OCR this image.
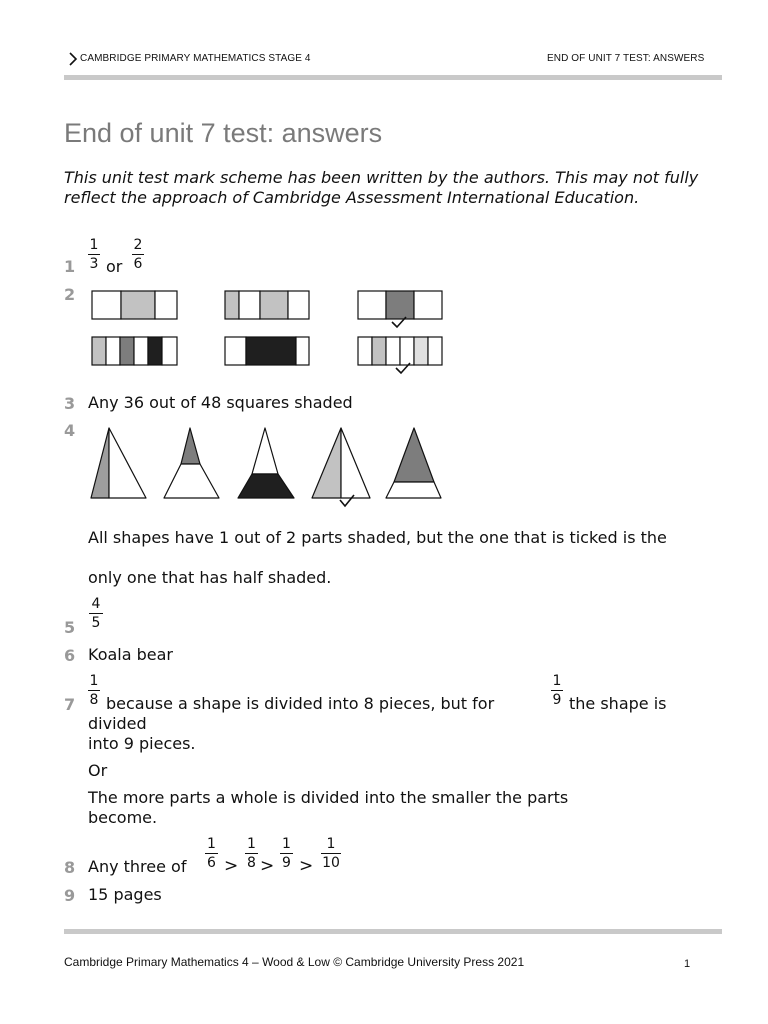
CAMBRIDGE PRIMARY MATHEMATICS STAGE 4	END OF UNIT 7 TEST: ANSWERS
End of unit 7 test: answers
This unit test mark scheme has been written by the authors. This may not fully reflect the approach of Cambridge Assessment International Education.
1
1
3 or
2
6
2
3 Any 36 out of 48 squares shaded
4
All shapes have 1 out of 2 parts shaded, but the one that is ticked is the
only one that has half shaded.
5
4
5
6 Koala bear
7
1
8 because a shape is divided into 8 pieces, but for
1
9 the shape is
divided
into 9 pieces.
Or
The more parts a whole is divided into the smaller the parts
become.
8 Any three of
1
6 >
1
8 >
1
9 >
1
10
9 15 pages
Cambridge Primary Mathematics 4 – Wood & Low © Cambridge University Press 2021	1
